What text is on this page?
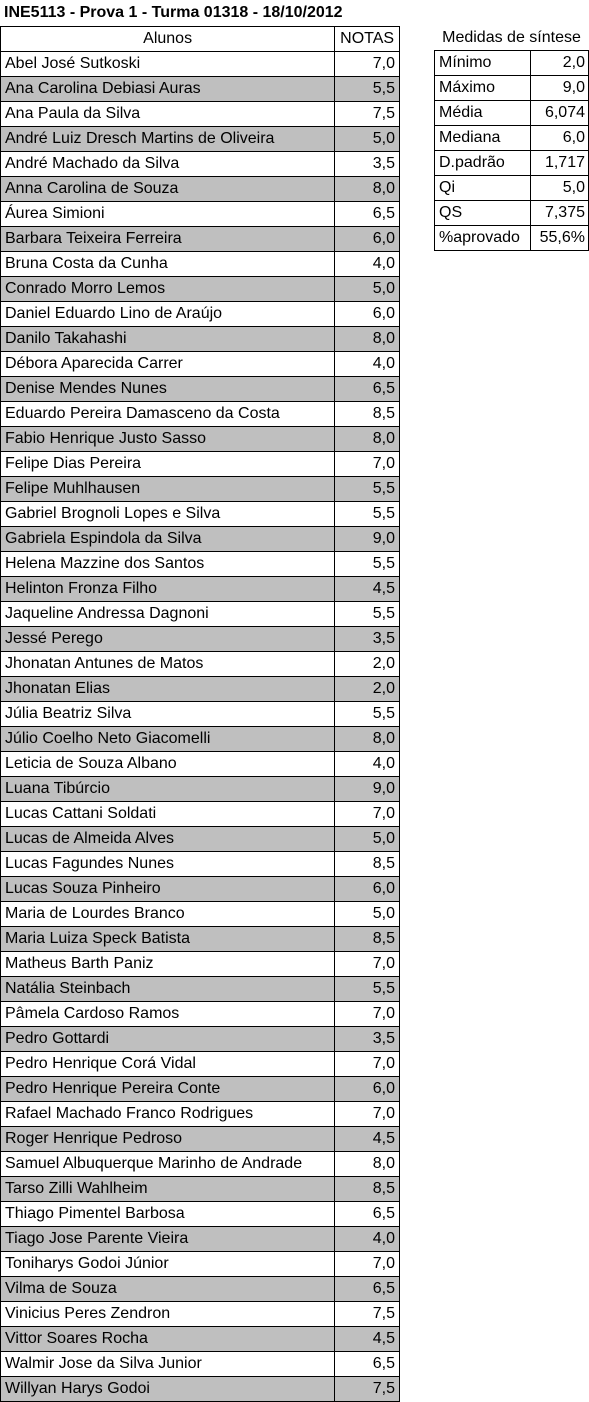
INE5113 - Prova 1 - Turma 01318 - 18/10/2012
Alunos	NOTAS
Abel José Sutkoski	7,0
Ana Carolina Debiasi Auras	5,5
Ana Paula da Silva	7,5
André Luiz Dresch Martins de Oliveira	5,0
André Machado da Silva	3,5
Anna Carolina de Souza	8,0
Áurea Simioni	6,5
Barbara Teixeira Ferreira	6,0
Bruna Costa da Cunha	4,0
Conrado Morro Lemos	5,0
Daniel Eduardo Lino de Araújo	6,0
Danilo Takahashi	8,0
Débora Aparecida Carrer	4,0
Denise Mendes Nunes	6,5
Eduardo Pereira Damasceno da Costa	8,5
Fabio Henrique Justo Sasso	8,0
Felipe Dias Pereira	7,0
Felipe Muhlhausen	5,5
Gabriel Brognoli Lopes e Silva	5,5
Gabriela Espindola da Silva	9,0
Helena Mazzine dos Santos	5,5
Helinton Fronza Filho	4,5
Jaqueline Andressa Dagnoni	5,5
Jessé Perego	3,5
Jhonatan Antunes de Matos	2,0
Jhonatan Elias	2,0
Júlia Beatriz Silva	5,5
Júlio Coelho Neto Giacomelli	8,0
Leticia de Souza Albano	4,0
Luana Tibúrcio	9,0
Lucas Cattani Soldati	7,0
Lucas de Almeida Alves	5,0
Lucas Fagundes Nunes	8,5
Lucas Souza Pinheiro	6,0
Maria de Lourdes Branco	5,0
Maria Luiza Speck Batista	8,5
Matheus Barth Paniz	7,0
Natália Steinbach	5,5
Pâmela Cardoso Ramos	7,0
Pedro Gottardi	3,5
Pedro Henrique Corá Vidal	7,0
Pedro Henrique Pereira Conte	6,0
Rafael Machado Franco Rodrigues	7,0
Roger Henrique Pedroso	4,5
Samuel Albuquerque Marinho de Andrade	8,0
Tarso Zilli Wahlheim	8,5
Thiago Pimentel Barbosa	6,5
Tiago Jose Parente Vieira	4,0
Toniharys Godoi Júnior	7,0
Vilma de Souza	6,5
Vinicius Peres Zendron	7,5
Vittor Soares Rocha	4,5
Walmir Jose da Silva Junior	6,5
Willyan Harys Godoi	7,5
Medidas de síntese	
Mínimo	2,0
Máximo	9,0
Média	6,074
Mediana	6,0
D.padrão	1,717
Qi	5,0
QS	7,375
%aprovado	55,6%
